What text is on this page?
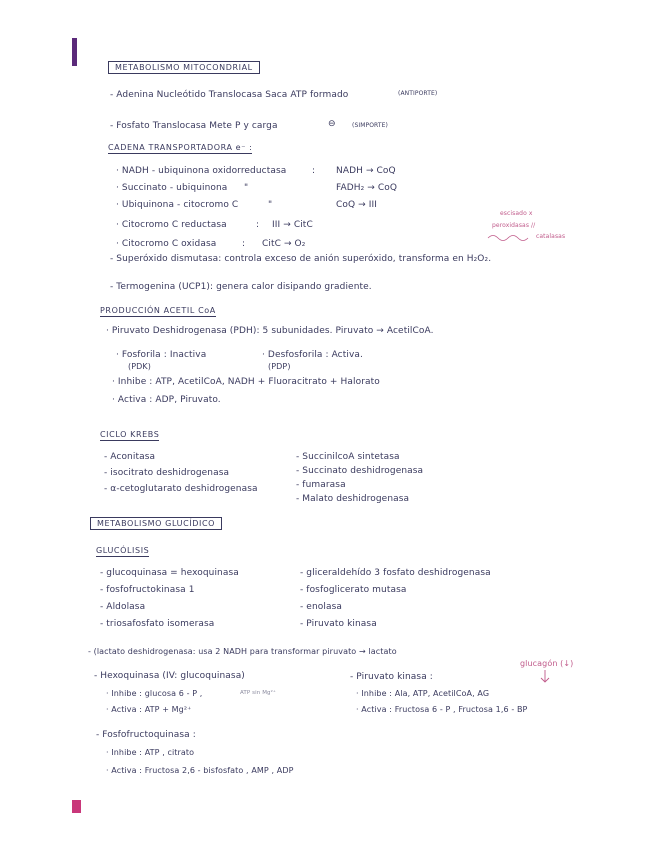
METABOLISMO MITOCONDRIAL
- Adenina Nucleótido Translocasa Saca ATP formado	(ANTIPORTE)
- Fosfato Translocasa Mete P y carga	⊖	(SIMPORTE)
CADENA TRANSPORTADORA e⁻ :
· NADH - ubiquinona oxidorreductasa	: NADH → CoQ
· Succinato - ubiquinona "	FADH₂ → CoQ
· Ubiquinona - citocromo C	"	CoQ → III
· Citocromo C reductasa	: III → CitC
· Citocromo C oxidasa	: CitC → O₂
escisado x
peroxidasas //
catalasas
- Superóxido dismutasa: controla exceso de anión superóxido, transforma en H₂O₂.
- Termogenina (UCP1): genera calor disipando gradiente.
PRODUCCIÓN ACETIL CoA
· Piruvato Deshidrogenasa (PDH): 5 subunidades. Piruvato → AcetilCoA.
· Fosforila : Inactiva
(PDK)
· Desfosforila : Activa.
(PDP)
· Inhibe : ATP, AcetilCoA, NADH + Fluoracitrato + Halorato
· Activa : ADP, Piruvato.
CICLO KREBS
- Aconitasa
- isocitrato deshidrogenasa
- α-cetoglutarato deshidrogenasa
- SuccinilcoA sintetasa
- Succinato deshidrogenasa
- fumarasa
- Malato deshidrogenasa
METABOLISMO GLUCÍDICO
GLUCÓLISIS
- glucoquinasa = hexoquinasa
- fosfofructokinasa 1
- Aldolasa
- triosafosfato isomerasa
- gliceraldehído 3 fosfato deshidrogenasa
- fosfoglicerato mutasa
- enolasa
- Piruvato kinasa
- (lactato deshidrogenasa: usa 2 NADH para transformar piruvato → lactato
- Hexoquinasa (IV: glucoquinasa)
· Inhibe : glucosa 6 - P ,	ATP sin Mg²⁺
· Activa : ATP + Mg²⁺
- Piruvato kinasa :
glucagón (↓)
· Inhibe : Ala, ATP, AcetilCoA, AG
· Activa : Fructosa 6 - P , Fructosa 1,6 - BP
- Fosfofructoquinasa :
· Inhibe : ATP , citrato
· Activa : Fructosa 2,6 - bisfosfato , AMP , ADP
